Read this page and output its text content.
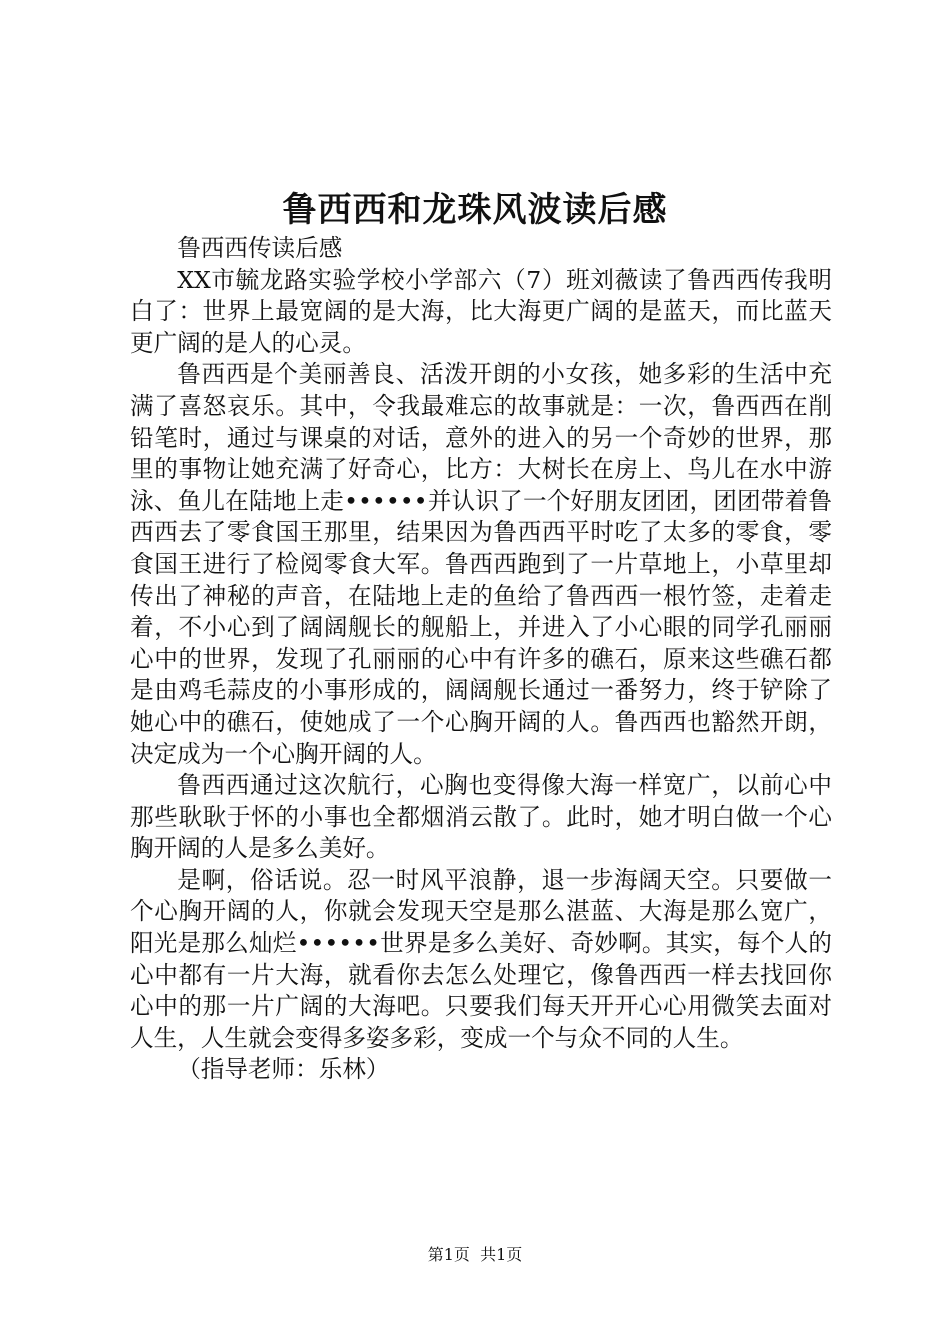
鲁西西和龙珠风波读后感

鲁西西传读后感

XX市毓龙路实验学校小学部六（7）班刘薇读了鲁西西传我明白了：世界上最宽阔的是大海，比大海更广阔的是蓝天，而比蓝天更广阔的是人的心灵。

鲁西西是个美丽善良、活泼开朗的小女孩，她多彩的生活中充满了喜怒哀乐。其中，令我最难忘的故事就是：一次，鲁西西在削铅笔时，通过与课桌的对话，意外的进入的另一个奇妙的世界，那里的事物让她充满了好奇心，比方：大树长在房上、鸟儿在水中游泳、鱼儿在陆地上走••••••并认识了一个好朋友团团，团团带着鲁西西去了零食国王那里，结果因为鲁西西平时吃了太多的零食，零食国王进行了检阅零食大军。鲁西西跑到了一片草地上，小草里却传出了神秘的声音，在陆地上走的鱼给了鲁西西一根竹签，走着走着，不小心到了阔阔舰长的舰船上，并进入了小心眼的同学孔丽丽心中的世界，发现了孔丽丽的心中有许多的礁石，原来这些礁石都是由鸡毛蒜皮的小事形成的，阔阔舰长通过一番努力，终于铲除了她心中的礁石，使她成了一个心胸开阔的人。鲁西西也豁然开朗，决定成为一个心胸开阔的人。

鲁西西通过这次航行，心胸也变得像大海一样宽广，以前心中那些耿耿于怀的小事也全都烟消云散了。此时，她才明白做一个心胸开阔的人是多么美好。

是啊，俗话说。忍一时风平浪静，退一步海阔天空。只要做一个心胸开阔的人，你就会发现天空是那么湛蓝、大海是那么宽广，阳光是那么灿烂••••••世界是多么美好、奇妙啊。其实，每个人的心中都有一片大海，就看你去怎么处理它，像鲁西西一样去找回你心中的那一片广阔的大海吧。只要我们每天开开心心用微笑去面对人生，人生就会变得多姿多彩，变成一个与众不同的人生。

（指导老师：乐林）

第1页  共1页
